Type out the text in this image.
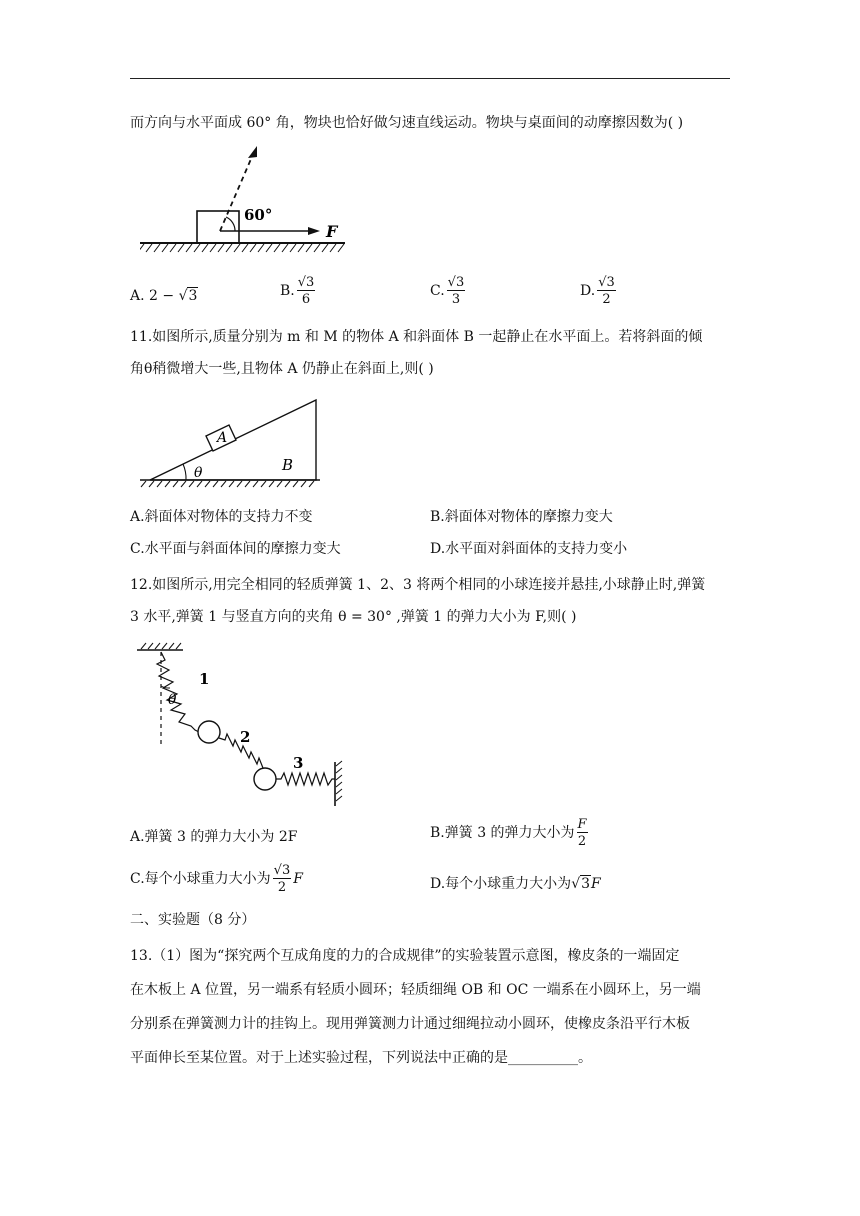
而方向与水平面成 60° 角，物块也恰好做匀速直线运动。物块与桌面间的动摩擦因数为( )
60°
F
A. 2 − √3	B. $\frac{√3}{6}$	C. $\frac{√3}{3}$	D. $\frac{√3}{2}$
11.如图所示,质量分别为 m 和 M 的物体 A 和斜面体 B 一起静止在水平面上。若将斜面的倾
角θ稍微增大一些,且物体 A 仍静止在斜面上,则( )
A
B
θ
A.斜面体对物体的支持力不变	B.斜面体对物体的摩擦力变大
C.水平面与斜面体间的摩擦力变大	D.水平面对斜面体的支持力变小
12.如图所示,用完全相同的轻质弹簧 1、2、3 将两个相同的小球连接并悬挂,小球静止时,弹簧
3 水平,弹簧 1 与竖直方向的夹角 θ = 30° ,弹簧 1 的弹力大小为 F,则( )
θ
1
2
3
A.弹簧 3 的弹力大小为 2F	B.弹簧 3 的弹力大小为 $\frac{F}{2}$
C.每个小球重力大小为 $\frac{√3}{2}$ F	D.每个小球重力大小为√3F
二、实验题（8 分）
13.（1）图为“探究两个互成角度的力的合成规律”的实验装置示意图，橡皮条的一端固定
在木板上 A 位置，另一端系有轻质小圆环；轻质细绳 OB 和 OC 一端系在小圆环上，另一端
分别系在弹簧测力计的挂钩上。现用弹簧测力计通过细绳拉动小圆环，使橡皮条沿平行木板
平面伸长至某位置。对于上述实验过程，下列说法中正确的是__________。
